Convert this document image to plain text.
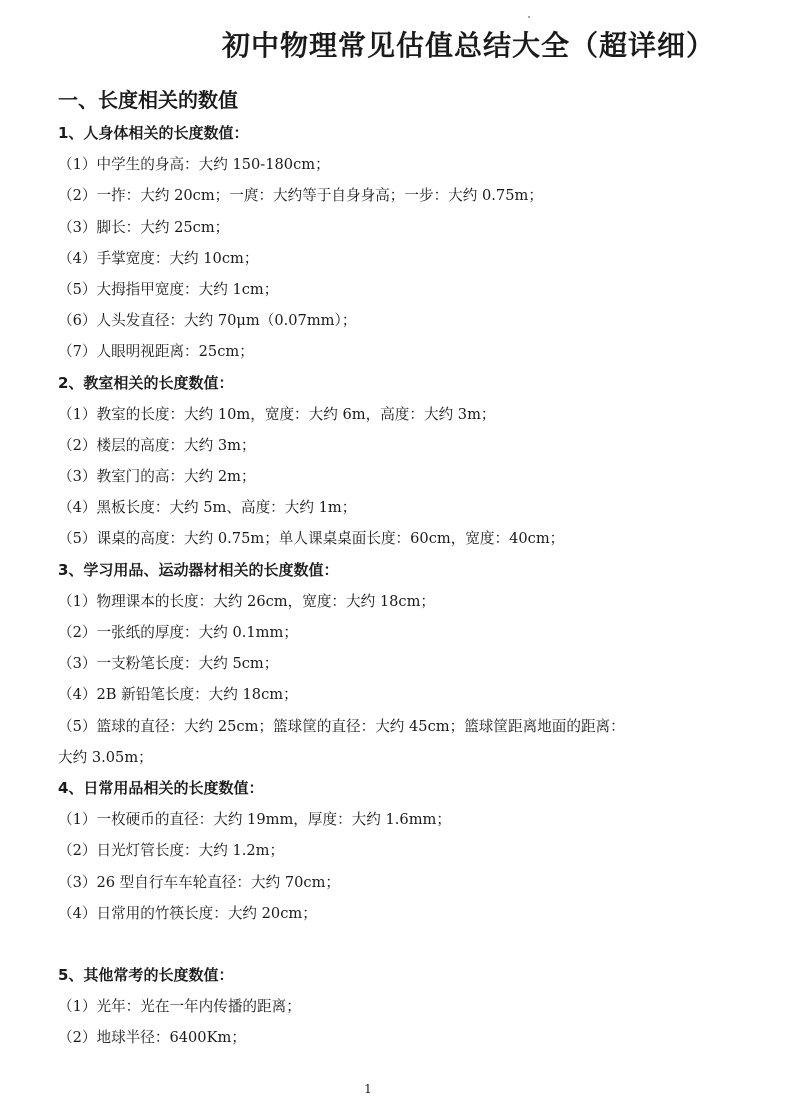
初中物理常见估值总结大全（超详细）
一、长度相关的数值
1、人身体相关的长度数值：
（1）中学生的身高：大约 150-180cm；
（2）一拃：大约 20cm；一庹：大约等于自身身高；一步：大约 0.75m；
（3）脚长：大约 25cm；
（4）手掌宽度：大约 10cm；
（5）大拇指甲宽度：大约 1cm；
（6）人头发直径：大约 70μm（0.07mm）；
（7）人眼明视距离：25cm；
2、教室相关的长度数值：
（1）教室的长度：大约 10m，宽度：大约 6m，高度：大约 3m；
（2）楼层的高度：大约 3m；
（3）教室门的高：大约 2m；
（4）黑板长度：大约 5m、高度：大约 1m；
（5）课桌的高度：大约 0.75m；单人课桌桌面长度：60cm，宽度：40cm；
3、学习用品、运动器材相关的长度数值：
（1）物理课本的长度：大约 26cm，宽度：大约 18cm；
（2）一张纸的厚度：大约 0.1mm；
（3）一支粉笔长度：大约 5cm；
（4）2B 新铅笔长度：大约 18cm；
（5）篮球的直径：大约 25cm；篮球筐的直径：大约 45cm；篮球筐距离地面的距离：
大约 3.05m；
4、日常用品相关的长度数值：
（1）一枚硬币的直径：大约 19mm，厚度：大约 1.6mm；
（2）日光灯管长度：大约 1.2m；
（3）26 型自行车车轮直径：大约 70cm；
（4）日常用的竹筷长度：大约 20cm；
5、其他常考的长度数值：
（1）光年：光在一年内传播的距离；
（2）地球半径：6400Km；
1
